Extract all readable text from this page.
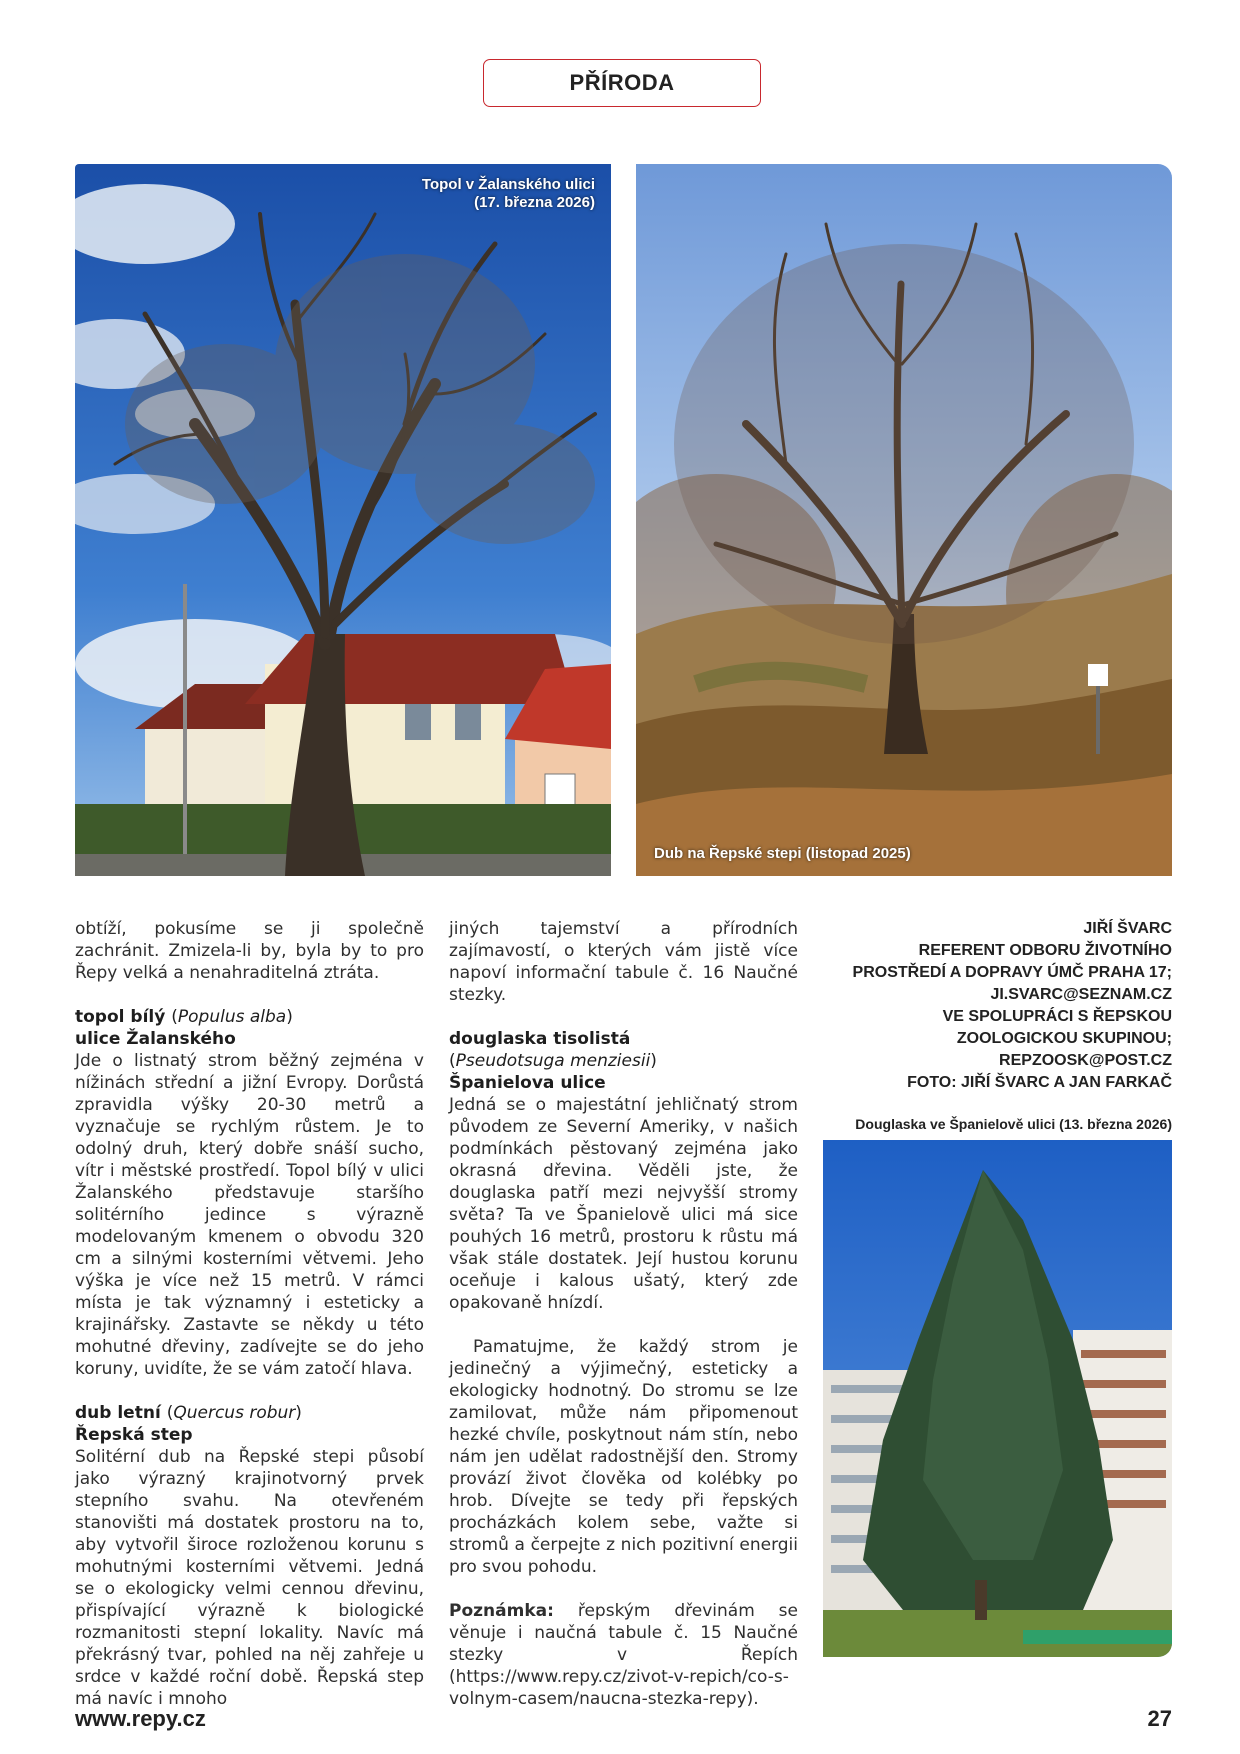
PŘÍRODA
Topol v Žalanského ulici
(17. března 2026)
Dub na Řepské stepi (listopad 2025)

obtíží, pokusíme se ji společně zachránit. Zmizela-li by, byla by to pro Řepy velká a nenahraditelná ztráta.

topol bílý (Populus alba)
ulice Žalanského

Jde o listnatý strom běžný zejména v nížinách střední a jižní Evropy. Dorůstá zpravidla výšky 20-30 metrů a vyznačuje se rychlým růstem. Je to odolný druh, který dobře snáší sucho, vítr i městské prostředí. Topol bílý v ulici Žalanského představuje staršího solitérního jedince s výrazně modelovaným kmenem o obvodu 320 cm a silnými kosterními větvemi. Jeho výška je více než 15 metrů. V rámci místa je tak významný i esteticky a krajinářsky. Zastavte se někdy u této mohutné dřeviny, zadívejte se do jeho koruny, uvidíte, že se vám zatočí hlava.

dub letní (Quercus robur)
Řepská step

Solitérní dub na Řepské stepi působí jako výrazný krajinotvorný prvek stepního svahu. Na otevřeném stanovišti má dostatek prostoru na to, aby vytvořil široce rozloženou korunu s mohutnými kosterními větvemi. Jedná se o ekologicky velmi cennou dřevinu, přispívající výrazně k biologické rozmanitosti stepní lokality. Navíc má překrásný tvar, pohled na něj zahřeje u srdce v každé roční době. Řepská step má navíc i mnoho

jiných tajemství a přírodních zajímavostí, o kterých vám jistě více napoví informační tabule č. 16 Naučné stezky.

douglaska tisolistá
(Pseudotsuga menziesii)
Španielova ulice

Jedná se o majestátní jehličnatý strom původem ze Severní Ameriky, v našich podmínkách pěstovaný zejména jako okrasná dřevina. Věděli jste, že douglaska patří mezi nejvyšší stromy světa? Ta ve Španielově ulici má sice pouhých 16 metrů, prostoru k růstu má však stále dostatek. Její hustou korunu oceňuje i kalous ušatý, který zde opakovaně hnízdí.

Pamatujme, že každý strom je jedinečný a výjimečný, esteticky a ekologicky hodnotný. Do stromu se lze zamilovat, může nám připomenout hezké chvíle, poskytnout nám stín, nebo nám jen udělat radostnější den. Stromy provází život člověka od kolébky po hrob. Dívejte se tedy při řepských procházkách kolem sebe, važte si stromů a čerpejte z nich pozitivní energii pro svou pohodu.

Poznámka: řepským dřevinám se věnuje i naučná tabule č. 15 Naučné stezky v Řepích (https://www.repy.cz/zivot-v-repich/co-s-volnym-casem/naucna-stezka-repy).

JIŘÍ ŠVARC
REFERENT ODBORU ŽIVOTNÍHO
PROSTŘEDÍ A DOPRAVY ÚMČ PRAHA 17;
JI.SVARC@SEZNAM.CZ
VE SPOLUPRÁCI S ŘEPSKOU
ZOOLOGICKOU SKUPINOU;
REPZOOSK@POST.CZ
FOTO: JIŘÍ ŠVARC A JAN FARKAČ
Douglaska ve Španielově ulici (13. března 2026)
www.repy.cz	27
